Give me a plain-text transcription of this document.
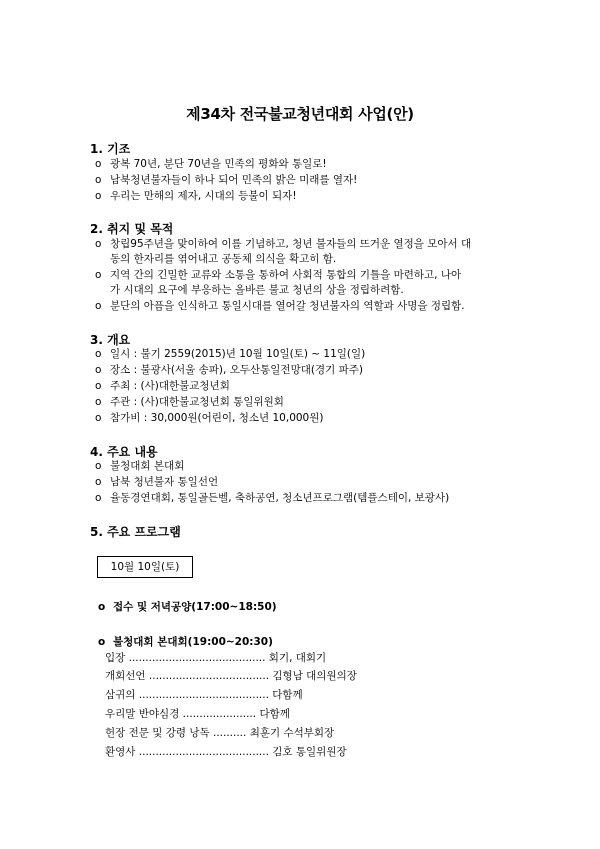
제34차 전국불교청년대회 사업(안)
1. 기조
o 광복 70년, 분단 70년을 민족의 평화와 통일로!
o 남북청년불자들이 하나 되어 민족의 밝은 미래를 열자!
o 우리는 만해의 제자, 시대의 등불이 되자!
2. 취지 및 목적
o 창립95주년을 맞이하여 이를 기념하고, 청년 불자들의 뜨거운 열정을 모아서 대
동의 한자리를 엮어내고 공동체 의식을 확고히 함.
o 지역 간의 긴밀한 교류와 소통을 통하여 사회적 통합의 기틀을 마련하고, 나아
가 시대의 요구에 부응하는 올바른 불교 청년의 상을 정립하려함.
o 분단의 아픔을 인식하고 통일시대를 열어갈 청년불자의 역할과 사명을 정립함.
3. 개요
o 일시 : 불기 2559(2015)년 10월 10일(토) ~ 11일(일)
o 장소 : 불광사(서울 송파), 오두산통일전망대(경기 파주)
o 주최 : (사)대한불교청년회
o 주관 : (사)대한불교청년회 통일위원회
o 참가비 : 30,000원(어린이, 청소년 10,000원)
4. 주요 내용
o 불청대회 본대회
o 남북 청년불자 통일선언
o 율동경연대회, 통일골든벨, 축하공연, 청소년프로그램(템플스테이, 보광사)
5. 주요 프로그램
10월 10일(토)
o 접수 및 저녁공양(17:00~18:50)
o 불청대회 본대회(19:00~20:30)
입장 ......................................... 회기, 대회기
개회선언 .................................... 김형남 대의원의장
삼귀의 ....................................... 다함께
우리말 반야심경 ...................... 다함께
헌장 전문 및 강령 낭독 .......... 최훈기 수석부회장
환영사 ....................................... 김호 통일위원장
